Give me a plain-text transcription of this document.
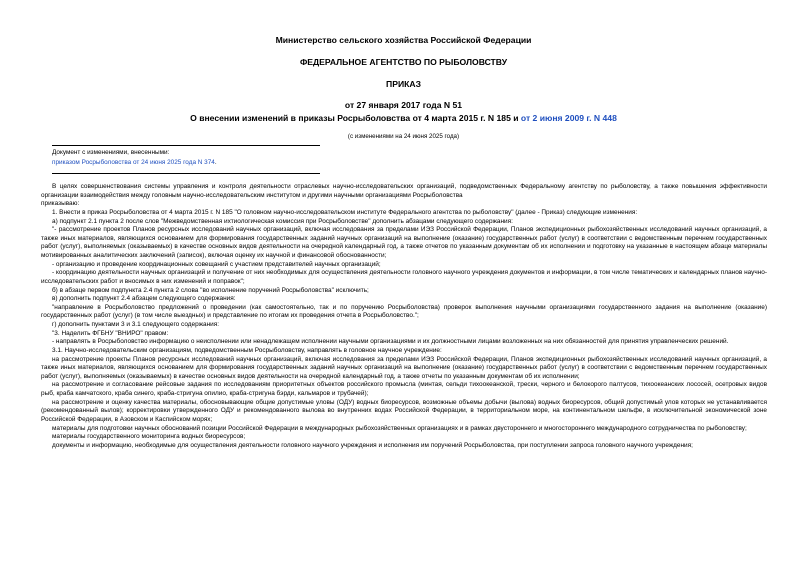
Министерство сельского хозяйства Российской Федерации
ФЕДЕРАЛЬНОЕ АГЕНТСТВО ПО РЫБОЛОВСТВУ
ПРИКАЗ
от 27 января 2017 года N 51
О внесении изменений в приказы Росрыболовства от 4 марта 2015 г. N 185 и от 2 июня 2009 г. N 448
(с изменениями на 24 июня 2025 года)
Документ с изменениями, внесенными:
приказом Росрыболовства от 24 июня 2025 года N 374.

В целях совершенствования системы управления и контроля деятельности отраслевых научно-исследовательских организаций, подведомственных Федеральному агентству по рыболовству, а также повышения эффективности организации взаимодействия между головным научно-исследовательским институтом и другими научными организациями Росрыболовства

приказываю:

1. Внести в приказ Росрыболовства от 4 марта 2015 г. N 185 "О головном научно-исследовательском институте Федерального агентства по рыболовству" (далее - Приказ) следующие изменения:

а) подпункт 2.1 пункта 2 после слов "Межведомственная ихтиологическая комиссия при Росрыболовстве" дополнить абзацами следующего содержания:

"- рассмотрение проектов Планов ресурсных исследований научных организаций, включая исследования за пределами ИЭЗ Российской Федерации, Планов экспедиционных рыбохозяйственных исследований научных организаций, а также иных материалов, являющихся основанием для формирования государственных заданий научных организаций на выполнение (оказание) государственных работ (услуг) в соответствии с ведомственным перечнем государственных работ (услуг), выполняемых (оказываемых) в качестве основных видов деятельности на очередной календарный год, а также отчетов по указанным документам об их исполнении и подготовку на указанные в настоящем абзаце материалы мотивированных аналитических заключений (записок), включая оценку их научной и финансовой обоснованности;

- организацию и проведение координационных совещаний с участием представителей научных организаций;

- координацию деятельности научных организаций и получение от них необходимых для осуществления деятельности головного научного учреждения документов и информации, в том числе тематических и календарных планов научно-исследовательских работ и вносимых в них изменений и поправок";

б) в абзаце первом подпункта 2.4 пункта 2 слова "во исполнение поручений Росрыболовства" исключить;

в) дополнить подпункт 2.4 абзацем следующего содержания:

"направление в Росрыболовство предложений о проведении (как самостоятельно, так и по поручению Росрыболовства) проверок выполнения научными организациями государственного задания на выполнение (оказание) государственных работ (услуг) (в том числе выездных) и представление по итогам их проведения отчета в Росрыболовство.";

г) дополнить пунктами 3 и 3.1 следующего содержания:

"3. Наделить ФГБНУ "ВНИРО" правом:

- направлять в Росрыболовство информацию о неисполнении или ненадлежащем исполнении научными организациями и их должностными лицами возложенных на них обязанностей для принятия управленческих решений.

3.1. Научно-исследовательским организациям, подведомственным Росрыболовству, направлять в головное научное учреждение:

на рассмотрение проекты Планов ресурсных исследований научных организаций, включая исследования за пределами ИЭЗ Российской Федерации, Планов экспедиционных рыбохозяйственных исследований научных организаций, а также иных материалов, являющихся основанием для формирования государственных заданий научных организаций на выполнение (оказание) государственных работ (услуг) в соответствии с ведомственным перечнем государственных работ (услуг), выполняемых (оказываемых) в качестве основных видов деятельности на очередной календарный год, а также отчеты по указанным документам об их исполнении;

на рассмотрение и согласование рейсовые задания по исследованиям приоритетных объектов российского промысла (минтая, сельди тихоокеанской, трески, черного и белокорого палтусов, тихоокеанских лососей, осетровых видов рыб, краба камчатского, краба синего, краба-стригуна опилио, краба-стригуна бэрди, кальмаров и трубачей);

на рассмотрение и оценку качества материалы, обосновывающие общие допустимые уловы (ОДУ) водных биоресурсов, возможные объемы добычи (вылова) водных биоресурсов, общий допустимый улов которых не устанавливается (рекомендованный вылов); корректировки утвержденного ОДУ и рекомендованного вылова во внутренних водах Российской Федерации, в территориальном море, на континентальном шельфе, в исключительной экономической зоне Российской Федерации, в Азовском и Каспийском морях;

материалы для подготовки научных обоснований позиции Российской Федерации в международных рыбохозяйственных организациях и в рамках двустороннего и многостороннего международного сотрудничества по рыболовству;

материалы государственного мониторинга водных биоресурсов;

документы и информацию, необходимые для осуществления деятельности головного научного учреждения и исполнения им поручений Росрыболовства, при поступлении запроса головного научного учреждения;
